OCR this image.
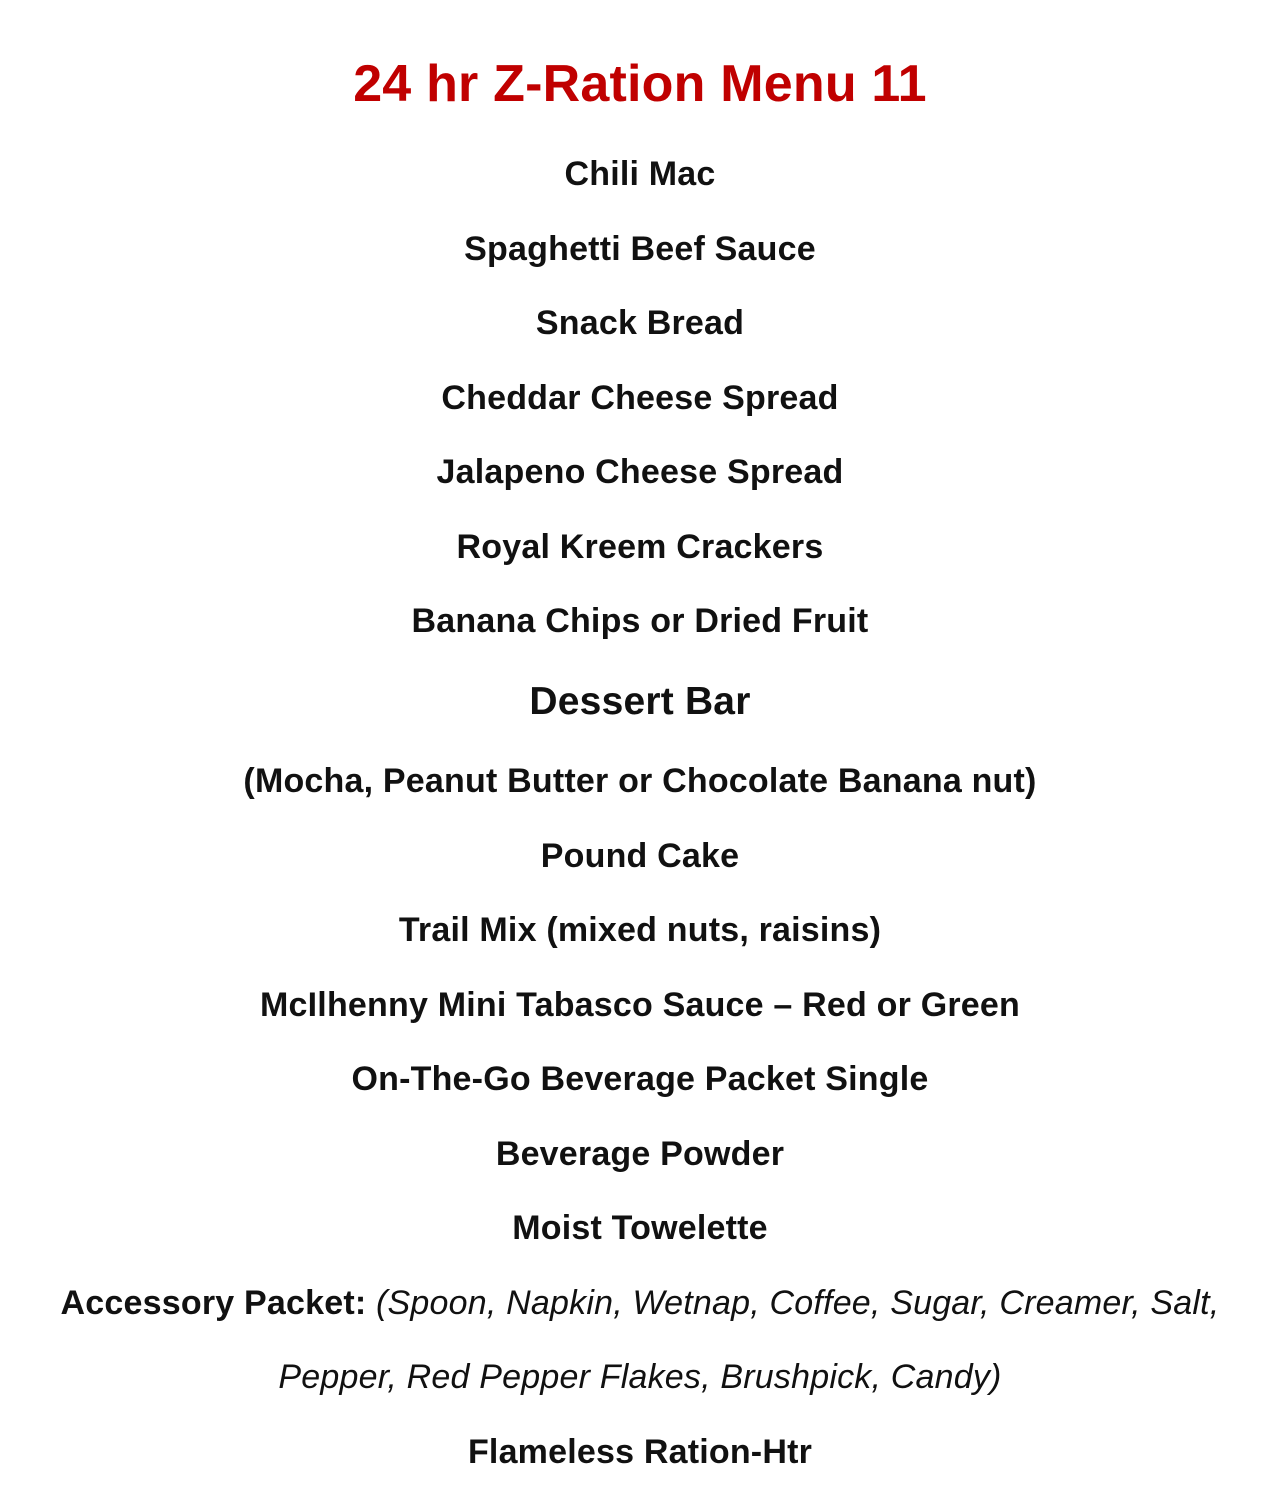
24 hr Z-Ration Menu 11
Chili Mac
Spaghetti Beef Sauce
Snack Bread
Cheddar Cheese Spread
Jalapeno Cheese Spread
Royal Kreem Crackers
Banana Chips or Dried Fruit
Dessert Bar
(Mocha, Peanut Butter or Chocolate Banana nut)
Pound Cake
Trail Mix (mixed nuts, raisins)
McIlhenny Mini Tabasco Sauce – Red or Green
On-The-Go Beverage Packet Single
Beverage Powder
Moist Towelette
Accessory Packet: (Spoon, Napkin, Wetnap, Coffee, Sugar, Creamer, Salt,
Pepper, Red Pepper Flakes, Brushpick, Candy)
Flameless Ration-Htr
